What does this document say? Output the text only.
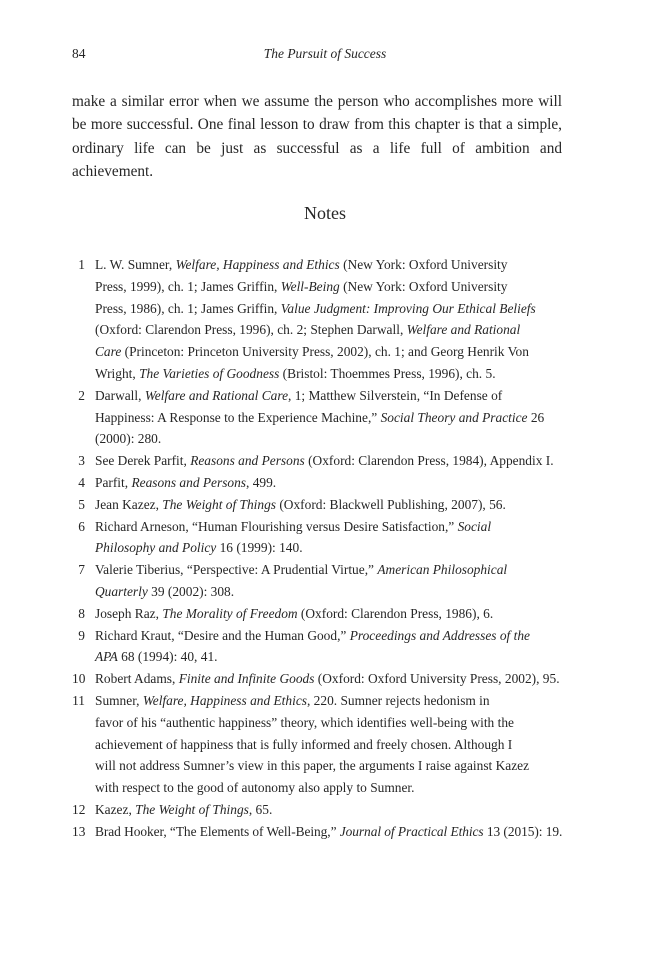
84	The Pursuit of Success

make a similar error when we assume the person who accomplishes more will
be more successful. One final lesson to draw from this chapter is that a simple,
ordinary life can be just as successful as a life full of ambition and achievement.

Notes
1 L. W. Sumner, Welfare, Happiness and Ethics (New York: Oxford University
Press, 1999), ch. 1; James Griffin, Well-Being (New York: Oxford University
Press, 1986), ch. 1; James Griffin, Value Judgment: Improving Our Ethical Beliefs
(Oxford: Clarendon Press, 1996), ch. 2; Stephen Darwall, Welfare and Rational
Care (Princeton: Princeton University Press, 2002), ch. 1; and Georg Henrik Von
Wright, The Varieties of Goodness (Bristol: Thoemmes Press, 1996), ch. 5.
2 Darwall, Welfare and Rational Care, 1; Matthew Silverstein, “In Defense of
Happiness: A Response to the Experience Machine,” Social Theory and Practice 26
(2000): 280.
3 See Derek Parfit, Reasons and Persons (Oxford: Clarendon Press, 1984), Appendix I.
4 Parfit, Reasons and Persons, 499.
5 Jean Kazez, The Weight of Things (Oxford: Blackwell Publishing, 2007), 56.
6 Richard Arneson, “Human Flourishing versus Desire Satisfaction,” Social
Philosophy and Policy 16 (1999): 140.
7 Valerie Tiberius, “Perspective: A Prudential Virtue,” American Philosophical
Quarterly 39 (2002): 308.
8 Joseph Raz, The Morality of Freedom (Oxford: Clarendon Press, 1986), 6.
9 Richard Kraut, “Desire and the Human Good,” Proceedings and Addresses of the
APA 68 (1994): 40, 41.
10 Robert Adams, Finite and Infinite Goods (Oxford: Oxford University Press, 2002), 95.
11 Sumner, Welfare, Happiness and Ethics, 220. Sumner rejects hedonism in
favor of his “authentic happiness” theory, which identifies well-being with the
achievement of happiness that is fully informed and freely chosen. Although I
will not address Sumner’s view in this paper, the arguments I raise against Kazez
with respect to the good of autonomy also apply to Sumner.
12 Kazez, The Weight of Things, 65.
13 Brad Hooker, “The Elements of Well-Being,” Journal of Practical Ethics 13 (2015): 19.
